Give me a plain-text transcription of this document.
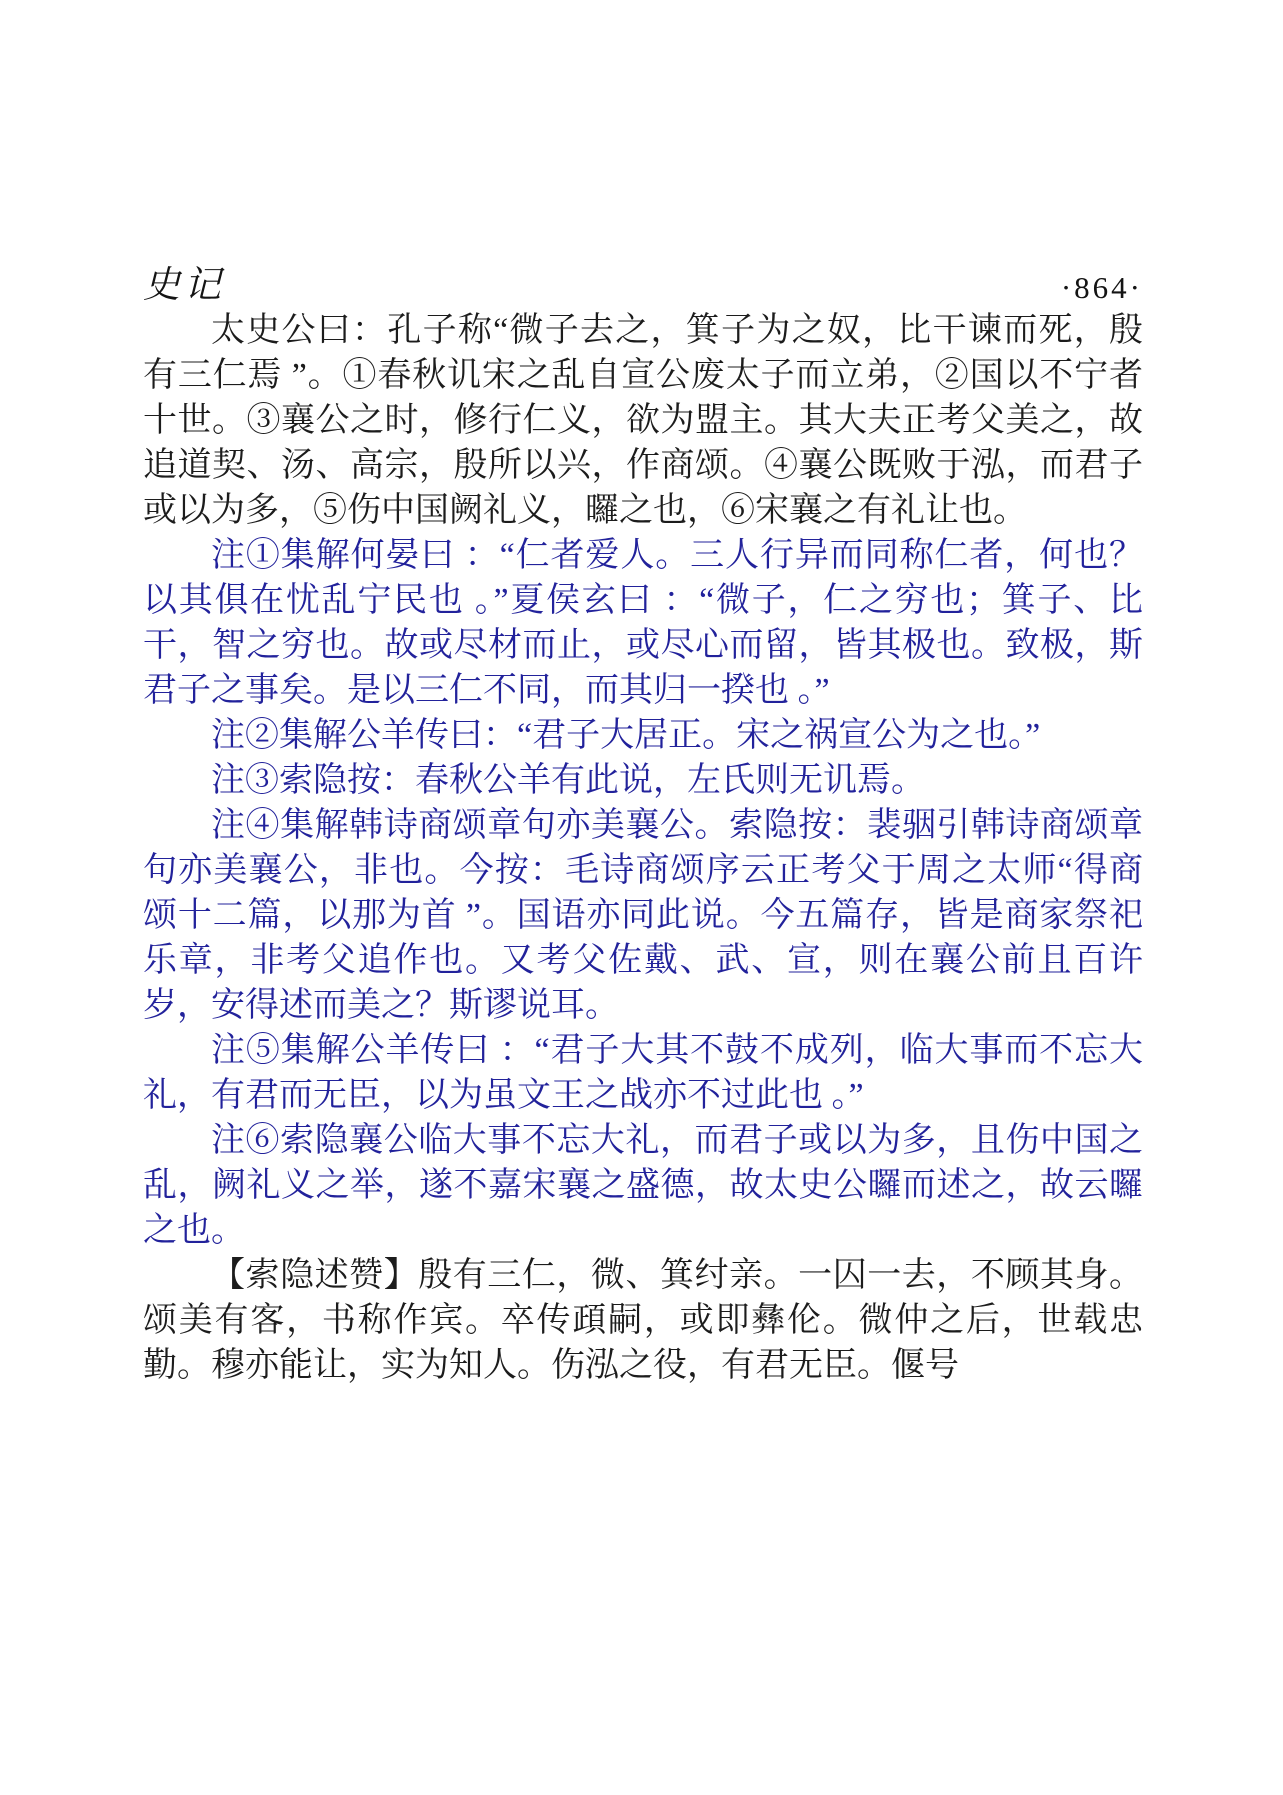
史记	·864·

太史公曰：孔子称“微子去之，箕子为之奴，比干谏而死，殷有三仁焉 ”。①春秋讥宋之乱自宣公废太子而立弟，②国以不宁者十世。③襄公之时，修行仁义，欲为盟主。其大夫正考父美之，故追道契、汤、高宗，殷所以兴，作商颂。④襄公既败于泓，而君子或以为多，⑤伤中国阙礼义，曪之也，⑥宋襄之有礼让也。

注①集解何晏曰 ：“仁者爱人。三人行异而同称仁者，何也？以其俱在忧乱宁民也 。”夏侯玄曰 ：“微子，仁之穷也；箕子、比干，智之穷也。故或尽材而止，或尽心而留，皆其极也。致极，斯君子之事矣。是以三仁不同，而其归一揆也 。”

注②集解公羊传曰：“君子大居正。宋之祸宣公为之也。”

注③索隐按：春秋公羊有此说，左氏则无讥焉。

注④集解韩诗商颂章句亦美襄公。索隐按：裴骃引韩诗商颂章句亦美襄公，非也。今按：毛诗商颂序云正考父于周之太师“得商颂十二篇，以那为首 ”。国语亦同此说。今五篇存，皆是商家祭祀乐章，非考父追作也。又考父佐戴、武、宣，则在襄公前且百许岁，安得述而美之？斯谬说耳。

注⑤集解公羊传曰 ：“君子大其不鼓不成列，临大事而不忘大礼，有君而无臣，以为虽文王之战亦不过此也 。”

注⑥索隐襄公临大事不忘大礼，而君子或以为多，且伤中国之乱，阙礼义之举，遂不嘉宋襄之盛德，故太史公曪而述之，故云曪之也。

【索隐述赞】殷有三仁，微、箕纣亲。一囚一去，不顾其身。颂美有客，书称作宾。卒传頙嗣，或即彝伦。微仲之后，世载忠勤。穆亦能让，实为知人。伤泓之役，有君无臣。偃号
